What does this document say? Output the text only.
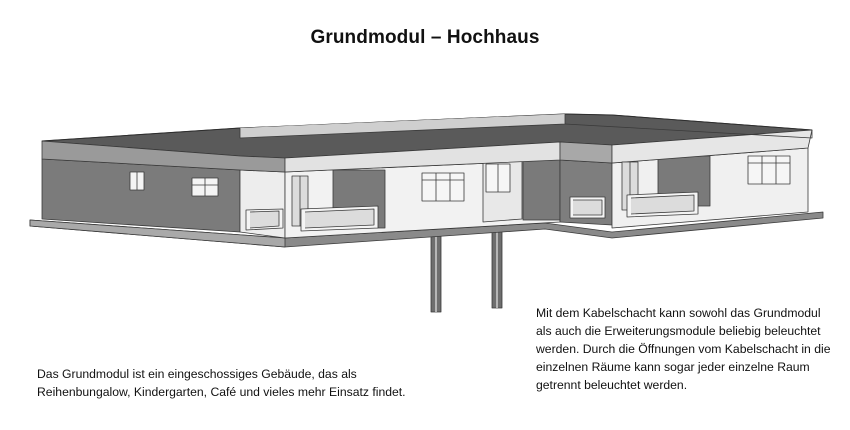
Grundmodul – Hochhaus
Das Grundmodul ist ein eingeschossiges Gebäude, das als Reihenbungalow, Kindergarten, Café und vieles mehr Einsatz findet.
Mit dem Kabelschacht kann sowohl das Grundmodul als auch die Erweiterungsmodule beliebig beleuchtet werden. Durch die Öffnungen vom Kabelschacht in die einzelnen Räume kann sogar jeder einzelne Raum getrennt beleuchtet werden.
